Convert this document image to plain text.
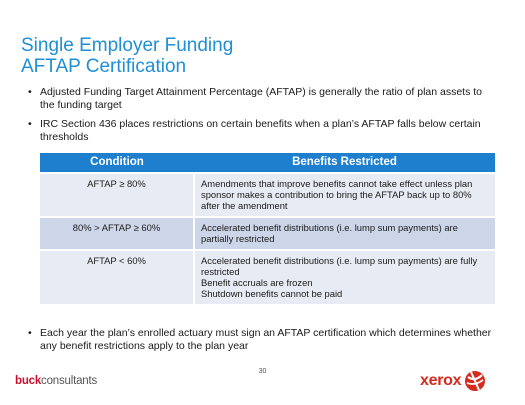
Single Employer Funding
AFTAP Certification
• Adjusted Funding Target Attainment Percentage (AFTAP) is generally the ratio of plan assets to the funding target
• IRC Section 436 places restrictions on certain benefits when a plan’s AFTAP falls below certain thresholds
Condition	Benefits Restricted
AFTAP ≥ 80%	Amendments that improve benefits cannot take effect unless plan sponsor makes a contribution to bring the AFTAP back up to 80% after the amendment

80% > AFTAP ≥ 60%	Accelerated benefit distributions (i.e. lump sum payments) are partially restricted

AFTAP < 60%	Accelerated benefit distributions (i.e. lump sum payments) are fully restricted
Benefit accruals are frozen
Shutdown benefits cannot be paid
• Each year the plan’s enrolled actuary must sign an AFTAP certification which determines whether any benefit restrictions apply to the plan year
30
buckconsultants	xerox
